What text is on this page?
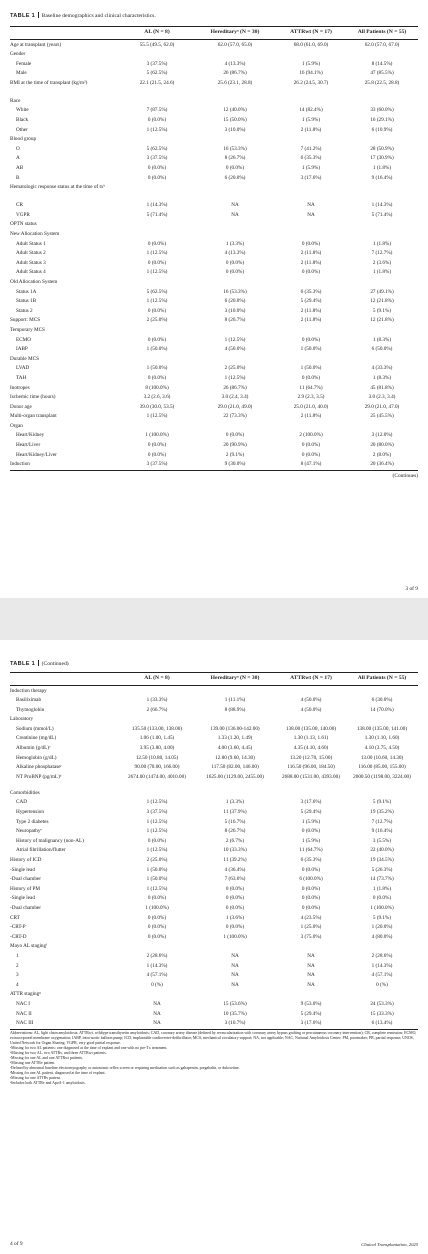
TABLE 1 Baseline demographics and clinical characteristics.
AL (N = 8)	Hereditaryᵃ (N = 30)	ATTRwt (N = 17)	All Patients (N = 55)
Age at transplant (years)	55.5 (49.5, 62.0)	62.0 (57.0, 65.0)	68.0 (61.0, 69.0)	62.0 (57.0, 67.0)
Gender
Female	3 (37.5%)	4 (13.3%)	1 (5.9%)	8 (14.5%)
Male	5 (62.5%)	26 (86.7%)	16 (94.1%)	47 (85.5%)
BMI at the time of transplant (kg/m²)	22.1 (21.5, 24.6)	25.6 (23.1, 28.8)	26.2 (24.5, 30.7)	25.8 (22.5, 28.8)
Race
White	7 (87.5%)	12 (40.0%)	14 (82.4%)	33 (60.0%)
Black	0 (0.0%)	15 (50.0%)	1 (5.9%)	16 (29.1%)
Other	1 (12.5%)	3 (10.0%)	2 (11.8%)	6 (10.9%)
Blood group
O	5 (62.5%)	16 (53.3%)	7 (41.2%)	28 (50.9%)
A	3 (37.5%)	8 (26.7%)	6 (35.3%)	17 (30.9%)
AB	0 (0.0%)	0 (0.0%)	1 (5.9%)	1 (1.8%)
B	0 (0.0%)	6 (20.0%)	3 (17.6%)	9 (16.4%)
Hematologic response status at the time of txᵇ
CR	1 (14.3%)	NA	NA	1 (14.3%)
VGPR	5 (71.4%)	NA	NA	5 (71.4%)
OPTN status
New Allocation System
Adult Status 1	0 (0.0%)	1 (3.3%)	0 (0.0%)	1 (1.8%)
Adult Status 2	1 (12.5%)	4 (13.3%)	2 (11.8%)	7 (12.7%)
Adult Status 3	0 (0.0%)	0 (0.0%)	2 (11.8%)	2 (3.6%)
Adult Status 4	1 (12.5%)	0 (0.0%)	0 (0.0%)	1 (1.8%)
Old Allocation System
Status 1A	5 (62.5%)	16 (53.3%)	6 (35.3%)	27 (49.1%)
Status 1B	1 (12.5%)	6 (20.0%)	5 (29.4%)	12 (21.8%)
Status 2	0 (0.0%)	3 (10.0%)	2 (11.8%)	5 (9.1%)
Support: MCS	2 (25.0%)	8 (26.7%)	2 (11.8%)	12 (21.8%)
Temporary MCS
ECMO	0 (0.0%)	1 (12.5%)	0 (0.0%)	1 (8.3%)
IABP	1 (50.0%)	4 (50.0%)	1 (50.0%)	6 (50.0%)
Durable MCS
LVAD	1 (50.0%)	2 (25.0%)	1 (50.0%)	4 (33.3%)
TAH	0 (0.0%)	1 (12.5%)	0 (0.0%)	1 (8.3%)
Inotropes	8 (100.0%)	26 (86.7%)	11 (64.7%)	45 (81.8%)
Ischemic time (hours)	3.2 (2.6, 3.6)	3.0 (2.4, 3.4)	2.9 (2.3, 3.5)	3.0 (2.3, 3.4)
Donor age	39.0 (30.0, 53.5)	29.0 (21.0, 49.0)	25.0 (21.0, 40.0)	29.0 (21.0, 47.0)
Multi-organ transplant	1 (12.5%)	22 (73.3%)	2 (11.8%)	25 (45.5%)
Organ
Heart/Kidney	1 (100.0%)	0 (0.0%)	2 (100.0%)	3 (12.0%)
Heart/Liver	0 (0.0%)	20 (90.9%)	0 (0.0%)	20 (80.0%)
Heart/Kidney/Liver	0 (0.0%)	2 (9.1%)	0 (0.0%)	2 (8.0%)
Induction	3 (37.5%)	9 (30.0%)	8 (47.1%)	20 (36.4%)
(Continues)
3 of 9
TABLE 1 (Continued)
AL (N = 8)	Hereditaryᵃ (N = 30)	ATTRwt (N = 17)	All Patients (N = 55)
Induction therapy
Basiliximab	1 (33.3%)	1 (11.1%)	4 (50.0%)	6 (30.0%)
Thymoglobin	2 (66.7%)	8 (88.9%)	4 (50.0%)	14 (70.0%)
Laboratory
Sodium (mmol/L)	135.50 (133.00, 138.00)	139.00 (136.00-142.00)	138.00 (135.00, 140.00)	138.00 (135.00, 141.00)
Creatinine (mg/dL)	1.06 (1.00, 1.45)	1.33 (1.20, 1.49)	1.30 (1.13, 1.61)	1.30 (1.10, 1.60)
Albumin (g/dL)ᶜ	3.95 (3.80, 4.00)	4.00 (3.60, 4.45)	4.35 (4.10, 4.60)	4.10 (3.75, 4.50)
Hemoglobin (g/dL)	12.50 (10.80, 14.05)	12.80 (9.60, 14.30)	13.20 (12.70, 15.00)	13.00 (10.60, 14.30)
Alkaline phosphataseᶜ	90.00 (70.00, 166.00)	117.50 (82.00, 146.00)	116.50 (96.00, 184.50)	116.00 (85.00, 155.00)
NT ProBNP (pg/mL)ᵈ	2674.00 (1474.00, 4010.00)	1625.00 (1129.00, 2455.00)	2688.00 (1531.00, 4393.00)	2000.50 (1198.00, 3224.00)
Comorbidities
CAD	1 (12.5%)	1 (3.3%)	3 (17.6%)	5 (9.1%)
Hypertension	3 (37.5%)	11 (37.9%)	5 (29.4%)	19 (35.2%)
Type 2 diabetes	1 (12.5%)	5 (16.7%)	1 (5.9%)	7 (12.7%)
Neuropathyᵉ	1 (12.5%)	8 (26.7%)	0 (0.0%)	9 (16.4%)
History of malignancy (non-AL)	0 (0.0%)	2 (6.7%)	1 (5.9%)	3 (5.5%)
Atrial fibrillation/flutter	1 (12.5%)	10 (33.3%)	11 (64.7%)	22 (40.0%)
History of ICD	2 (25.0%)	11 (39.2%)	6 (35.3%)	19 (34.5%)
-Single lead	1 (50.0%)	4 (36.4%)	0 (0.0%)	5 (26.3%)
-Dual chamber	1 (50.0%)	7 (63.6%)	6 (100.0%)	14 (73.7%)
History of PM	1 (12.5%)	0 (0.0%)	0 (0.0%)	1 (1.8%)
-Single lead	0 (0.0%)	0 (0.0%)	0 (0.0%)	0 (0.0%)
-Dual chamber	1 (100.0%)	0 (0.0%)	0 (0.0%)	1 (100.0%)
CRT	0 (0.0%)	1 (3.6%)	4 (23.5%)	5 (9.1%)
-CRT-P	0 (0.0%)	0 (0.0%)	1 (25.0%)	1 (20.0%)
-CRT-D	0 (0.0%)	1 (100.0%)	3 (75.0%)	4 (80.0%)
Mayo AL stagingᶠ
1	2 (28.6%)	NA	NA	2 (28.6%)
2	1 (14.3%)	NA	NA	1 (14.3%)
3	4 (57.1%)	NA	NA	4 (57.1%)
4	0 (%)	NA	NA	0 (%)
ATTR stagingᵍ
NAC I	NA	15 (53.6%)	9 (53.0%)	24 (53.3%)
NAC II	NA	10 (35.7%)	5 (29.4%)	15 (33.3%)
NAC III	NA	3 (10.7%)	3 (17.6%)	6 (13.4%)
Abbreviations: AL, light chain amyloidosis; ATTRwt, wildtype transthyretin amyloidosis; CAD, coronary artery disease (defined by revascularization with coronary artery bypass grafting or percutaneous coronary intervention); CR, complete remission; ECMO, extracorporeal membrane oxygenation; IABP, intra-aortic balloon pump; ICD, implantable cardioverter-defibrillator; MCS, mechanical circulatory support; NA, not applicable; NAC, National Amyloidosis Center; PM, pacemaker; PR, partial response; UNOS, United Network for Organ Sharing; VGPR, very good partial response.
ᵃMissing for two AL patients: one diagnosed at the time of explant and one with no pre-Tx treatment.
ᵇMissing for two AL, two ATTRv, and three ATTRwt patients.
ᶜMissing for one AL and one ATTRwt patients.
ᵈMissing one ATTRv patient.
ᵉDefined by abnormal baseline electromyography or autonomic reflex screen or requiring medication such as gabapentin, pregabalin, or duloxetine.
ᶠMissing for one AL patient, diagnosed at the time of explant.
ᵍMissing for one ATTRv patient.
ʰIncludes both ATTRv and ApoA-1 amyloidosis.
4 of 9	Clinical Transplantation, 2025
